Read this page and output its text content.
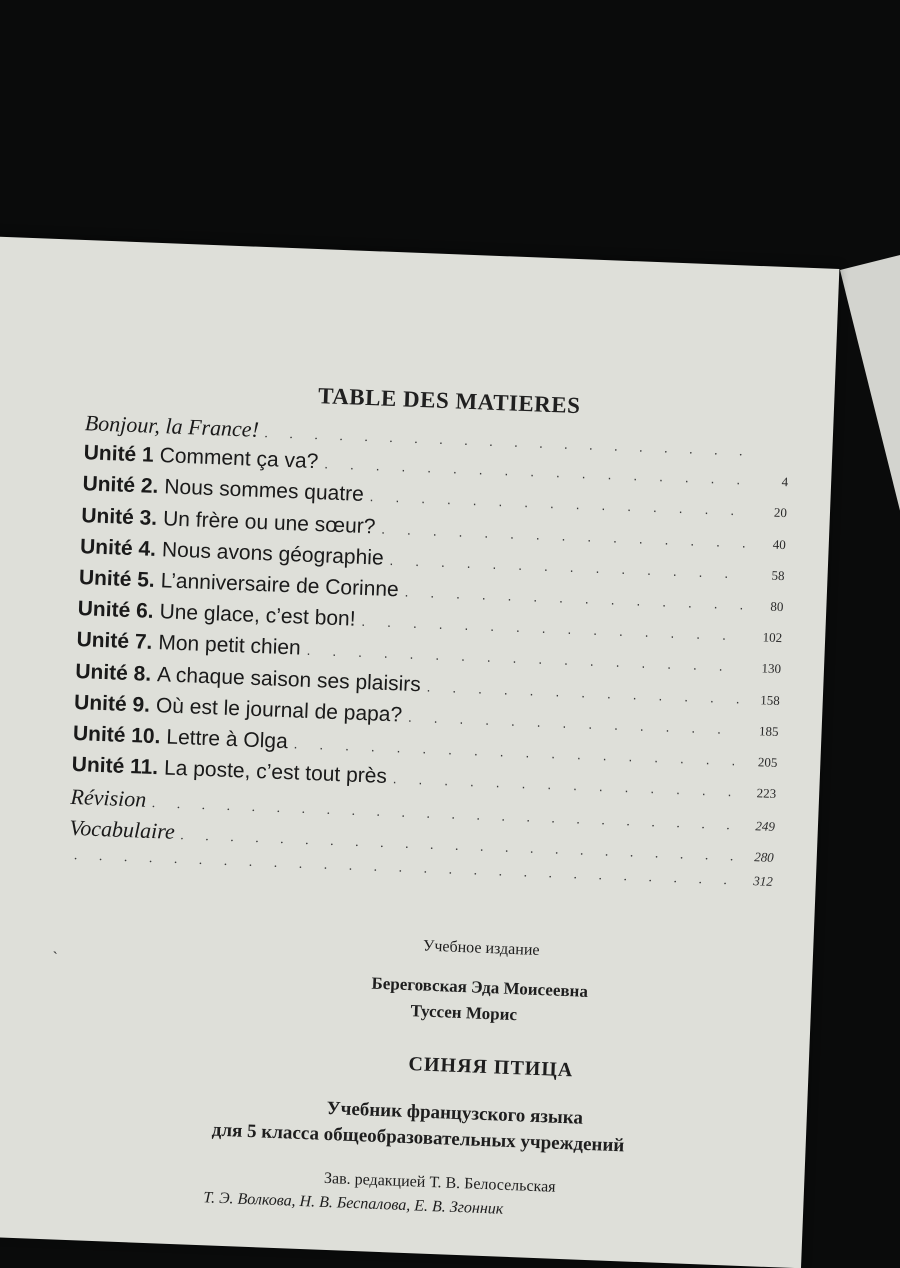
TABLE DES MATIERES
Bonjour, la France!
. . .
Unité 1 Comment ça va?
. . .
4
Unité 2. Nous sommes quatre
. . .
20
Unité 3. Un frère ou une sœur?
. . .
40
Unité 4. Nous avons géographie
. . .
58
Unité 5. L’anniversaire de Corinne
. . .
80
Unité 6. Une glace, c’est bon!
. . .
102
Unité 7. Mon petit chien
. . .
130
Unité 8. A chaque saison ses plaisirs
. . .
158
Unité 9. Où est le journal de papa?
. . .
185
Unité 10. Lettre à Olga
. . .
205
Unité 11. La poste, c’est tout près
. . .
223
Révision
. . .
249
Vocabulaire
. . .
280
. . .
312
ˎ	Учебное издание
Береговская Эда Моисеевна
Туссен Морис
СИНЯЯ ПТИЦА
Учебник французского языка
для 5 класса общеобразовательных учреждений
Зав. редакцией Т. В. Белосельская
Т. Э. Волкова, Н. В. Беспалова, Е. В. Згонник
